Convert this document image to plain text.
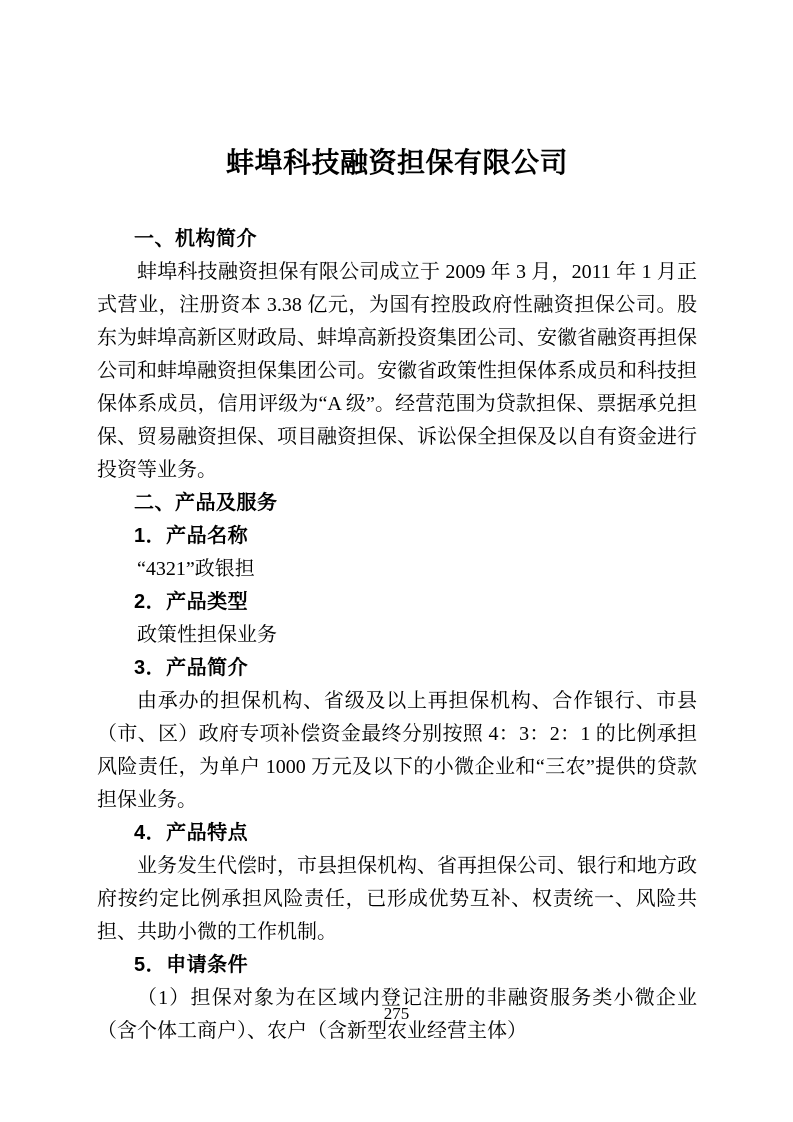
蚌埠科技融资担保有限公司
一、机构简介

蚌埠科技融资担保有限公司成立于 2009 年 3 月，2011 年 1 月正式营业，注册资本 3.38 亿元，为国有控股政府性融资担保公司。股东为蚌埠高新区财政局、蚌埠高新投资集团公司、安徽省融资再担保公司和蚌埠融资担保集团公司。安徽省政策性担保体系成员和科技担保体系成员，信用评级为“A 级”。经营范围为贷款担保、票据承兑担保、贸易融资担保、项目融资担保、诉讼保全担保及以自有资金进行投资等业务。

二、产品及服务
1．产品名称

“4321”政银担

2．产品类型

政策性担保业务

3．产品简介

由承办的担保机构、省级及以上再担保机构、合作银行、市县（市、区）政府专项补偿资金最终分别按照 4：3：2：1 的比例承担风险责任，为单户 1000 万元及以下的小微企业和“三农”提供的贷款担保业务。

4．产品特点

业务发生代偿时，市县担保机构、省再担保公司、银行和地方政府按约定比例承担风险责任，已形成优势互补、权责统一、风险共担、共助小微的工作机制。

5．申请条件

（1）担保对象为在区域内登记注册的非融资服务类小微企业（含个体工商户）、农户（含新型农业经营主体）

275
